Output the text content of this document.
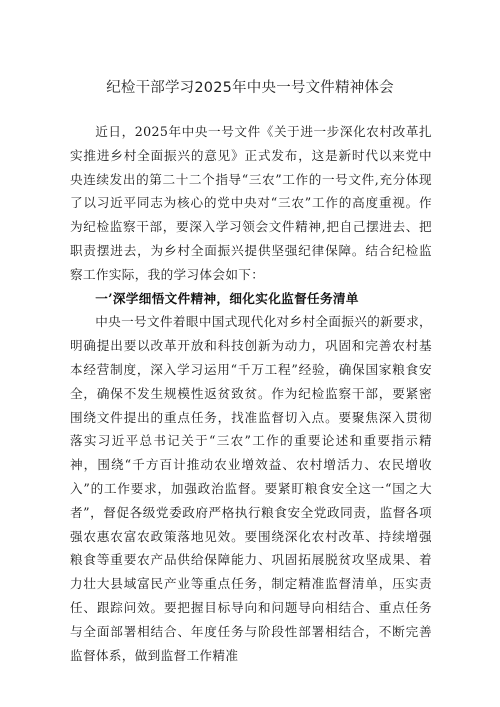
纪检干部学习2025年中央一号文件精神体会

近日，2025年中央一号文件《关于进一步深化农村改革扎实推进乡村全面振兴的意见》正式发布，这是新时代以来党中央连续发出的第二十二个指导“三农”工作的一号文件,充分体现了以习近平同志为核心的党中央对“三农”工作的高度重视。作为纪检监察干部，要深入学习领会文件精神,把自己摆进去、把职责摆进去，为乡村全面振兴提供坚强纪律保障。结合纪检监察工作实际，我的学习体会如下：

一’深学细悟文件精神，细化实化监督任务清单

中央一号文件着眼中国式现代化对乡村全面振兴的新要求，明确提出要以改革开放和科技创新为动力，巩固和完善农村基本经营制度，深入学习运用“千万工程”经验，确保国家粮食安全，确保不发生规模性返贫致贫。作为纪检监察干部，要紧密围绕文件提出的重点任务，找准监督切入点。要聚焦深入贯彻落实习近平总书记关于“三农”工作的重要论述和重要指示精神，围绕“千方百计推动农业增效益、农村增活力、农民增收入”的工作要求，加强政治监督。要紧盯粮食安全这一“国之大者”，督促各级党委政府严格执行粮食安全党政同责，监督各项强农惠农富农政策落地见效。要围绕深化农村改革、持续增强粮食等重要农产品供给保障能力、巩固拓展脱贫攻坚成果、着力壮大县域富民产业等重点任务，制定精准监督清单，压实责任、跟踪问效。要把握目标导向和问题导向相结合、重点任务与全面部署相结合、年度任务与阶段性部署相结合，不断完善监督体系，做到监督工作精准
